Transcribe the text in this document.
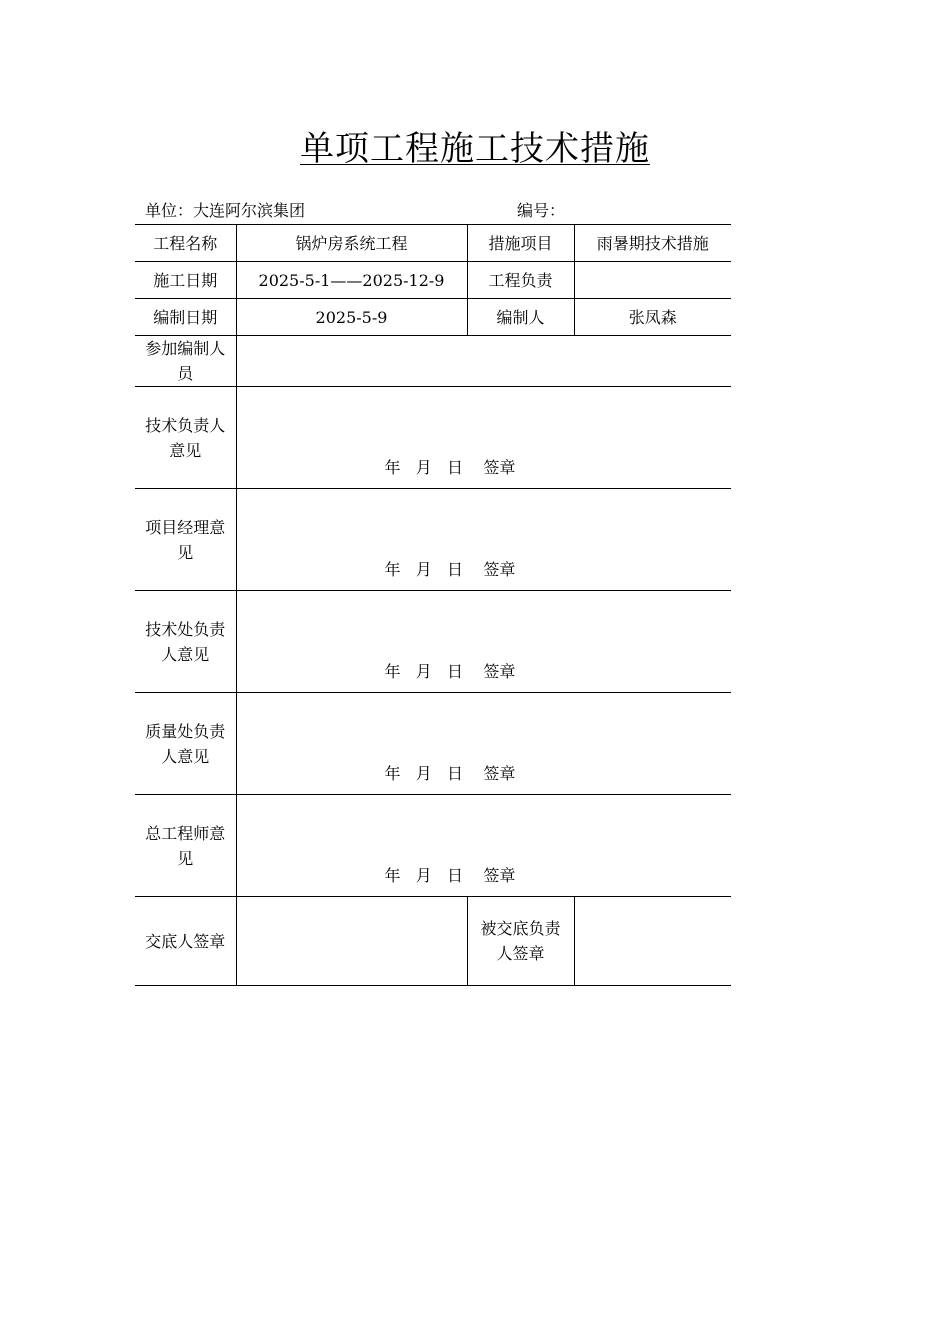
单项工程施工技术措施
单位：大连阿尔滨集团	编号：
工程名称	锅炉房系统工程	措施项目	雨暑期技术措施
施工日期	2025-5-1——2025-12-9	工程负责	
编制日期	2025-5-9	编制人	张凤森
参加编制人员			
技术负责人意见	年   月   日    签章		

项目经理意见	年   月   日    签章		

技术处负责人意见	年   月   日    签章		

质量处负责人意见	年   月   日    签章		

总工程师意见	年   月   日    签章		

交底人签章		被交底负责人签章	
